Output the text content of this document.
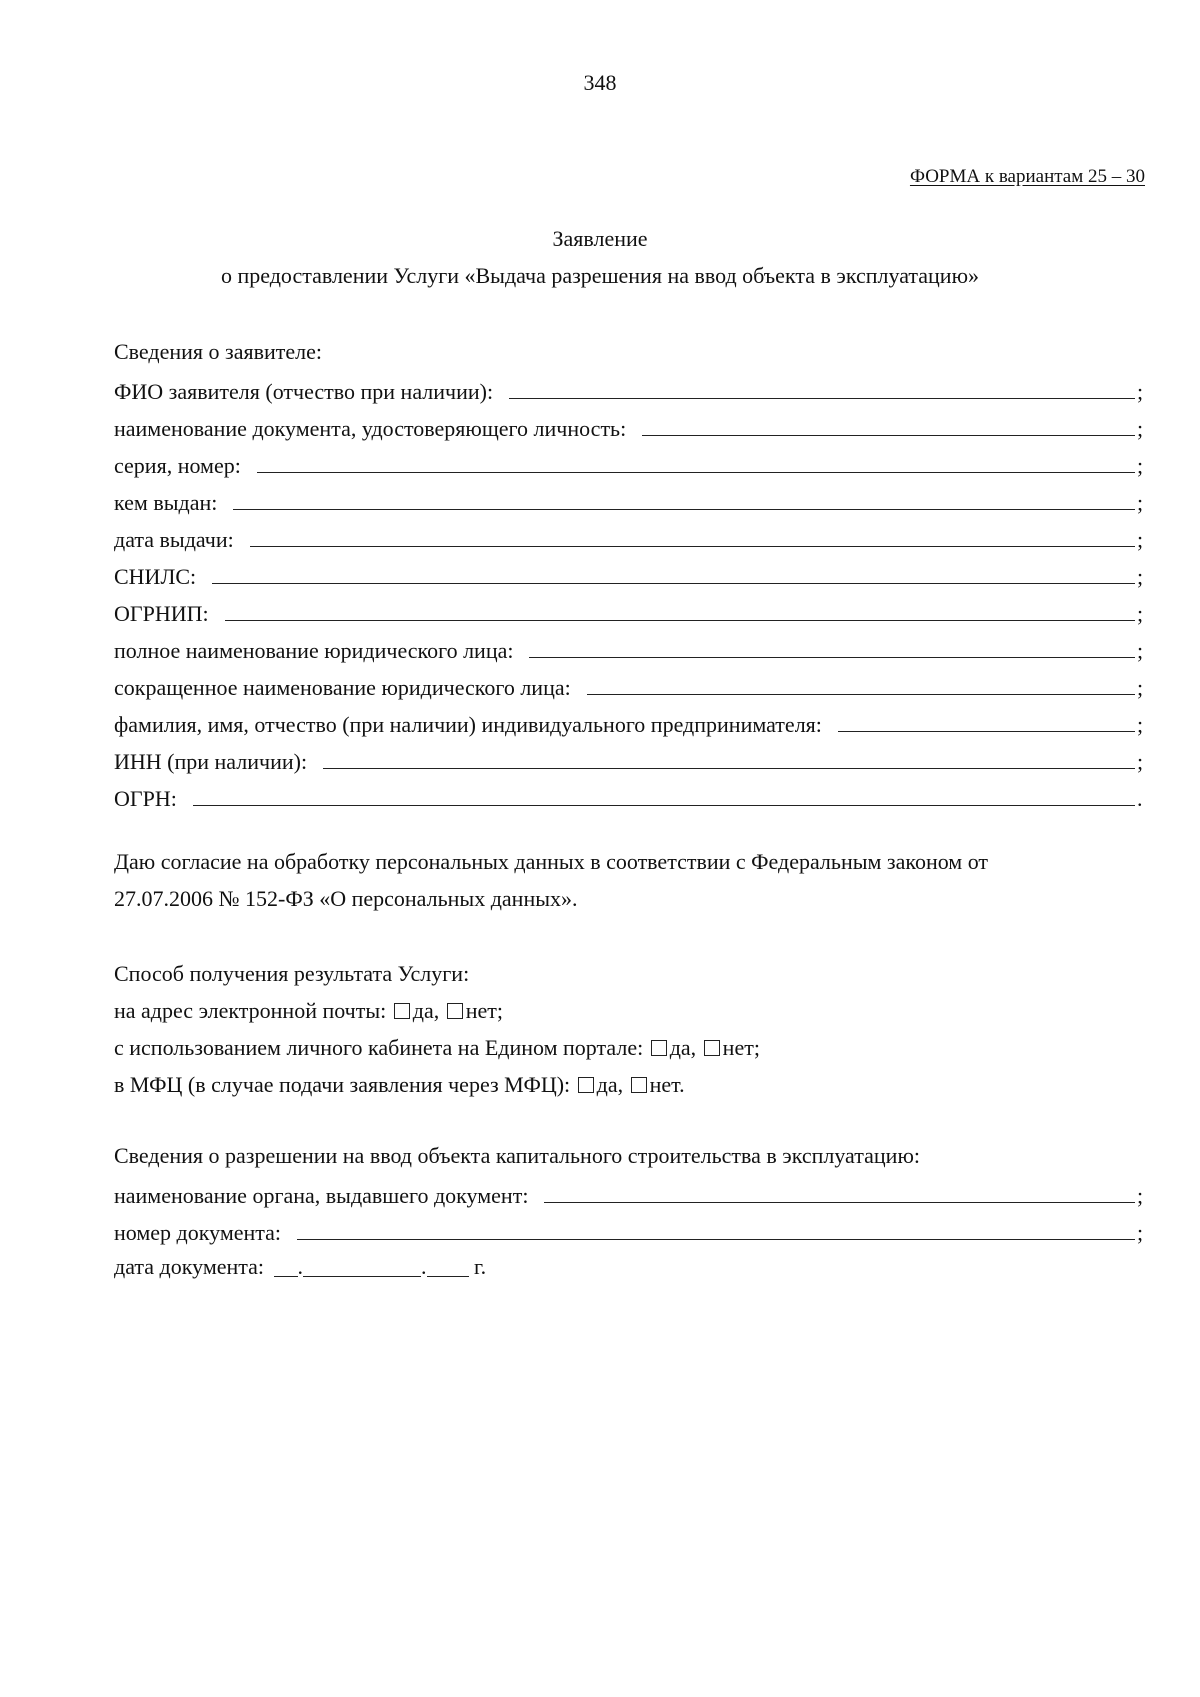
348
ФОРМА к вариантам 25 – 30
Заявление
о предоставлении Услуги «Выдача разрешения на ввод объекта в эксплуатацию»
Сведения о заявителе:
ФИО заявителя (отчество при наличии):	;
наименование документа, удостоверяющего личность:	;
серия, номер:	;
кем выдан:	;
дата выдачи:	;
СНИЛС:	;
ОГРНИП:	;
полное наименование юридического лица:	;
сокращенное наименование юридического лица:	;
фамилия, имя, отчество (при наличии) индивидуального предпринимателя:	;
ИНН (при наличии):	;
ОГРН:	.
Даю согласие на обработку персональных данных в соответствии с Федеральным законом от
27.07.2006 № 152-ФЗ «О персональных данных».
Способ получения результата Услуги:
на адрес электронной почты: да, нет;
с использованием личного кабинета на Едином портале: да, нет;
в МФЦ (в случае подачи заявления через МФЦ): да, нет.
Сведения о разрешении на ввод объекта капитального строительства в эксплуатацию:
наименование органа, выдавшего документ:	;
номер документа:	;
дата документа: .	. г.
